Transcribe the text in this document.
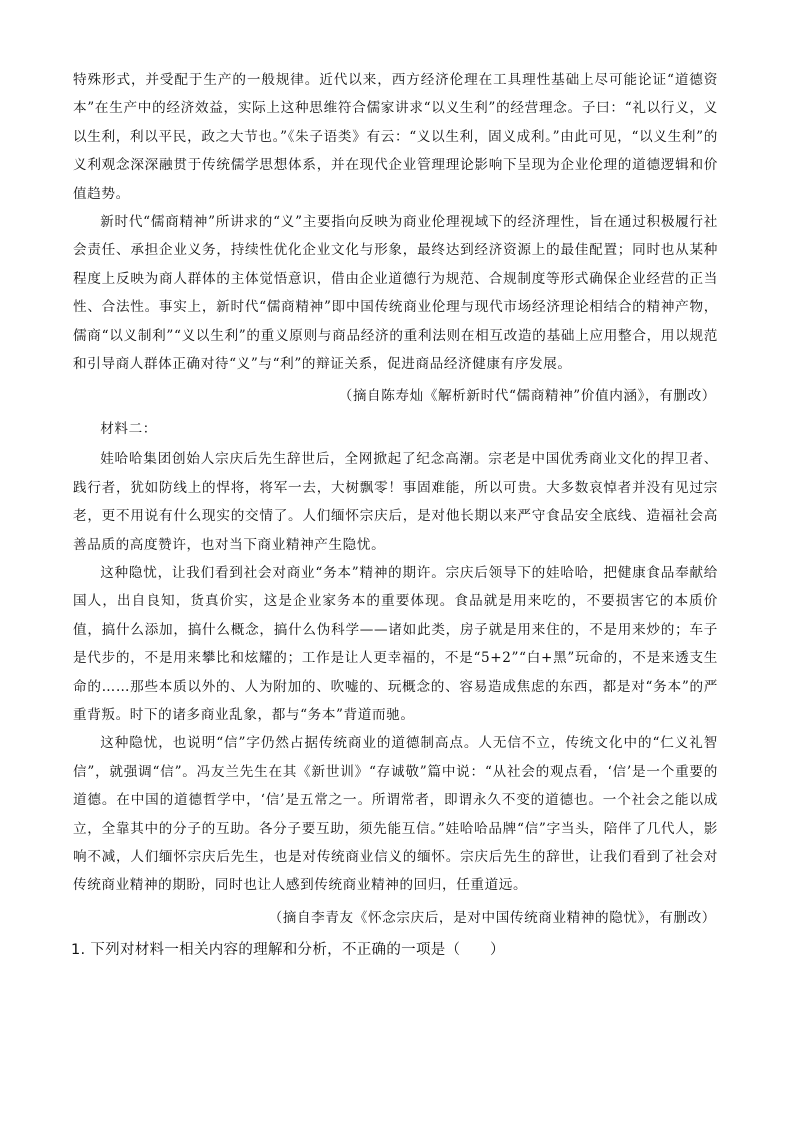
特殊形式，并受配于生产的一般规律。近代以来，西方经济伦理在工具理性基础上尽可能论证“道德资本”在生产中的经济效益，实际上这种思维符合儒家讲求“以义生利”的经营理念。子曰：“礼以行义，义以生利，利以平民，政之大节也。”《朱子语类》有云：“义以生利，固义成利。”由此可见，“以义生利”的义利观念深深融贯于传统儒学思想体系，并在现代企业管理理论影响下呈现为企业伦理的道德逻辑和价值趋势。

新时代“儒商精神”所讲求的“义”主要指向反映为商业伦理视域下的经济理性，旨在通过积极履行社会责任、承担企业义务，持续性优化企业文化与形象，最终达到经济资源上的最佳配置；同时也从某种程度上反映为商人群体的主体觉悟意识，借由企业道德行为规范、合规制度等形式确保企业经营的正当性、合法性。事实上，新时代“儒商精神”即中国传统商业伦理与现代市场经济理论相结合的精神产物，儒商“以义制利”“义以生利”的重义原则与商品经济的重利法则在相互改造的基础上应用整合，用以规范和引导商人群体正确对待“义”与“利”的辩证关系，促进商品经济健康有序发展。

（摘自陈寿灿《解析新时代“儒商精神”价值内涵》，有删改）

材料二：

娃哈哈集团创始人宗庆后先生辞世后，全网掀起了纪念高潮。宗老是中国优秀商业文化的捍卫者、践行者，犹如防线上的悍将，将军一去，大树飘零！事固难能，所以可贵。大多数哀悼者并没有见过宗老，更不用说有什么现实的交情了。人们缅怀宗庆后，是对他长期以来严守食品安全底线、造福社会高善品质的高度赞许，也对当下商业精神产生隐忧。

这种隐忧，让我们看到社会对商业“务本”精神的期许。宗庆后领导下的娃哈哈，把健康食品奉献给国人，出自良知，货真价实，这是企业家务本的重要体现。食品就是用来吃的，不要损害它的本质价值，搞什么添加，搞什么概念，搞什么伪科学——诸如此类，房子就是用来住的，不是用来炒的；车子是代步的，不是用来攀比和炫耀的；工作是让人更幸福的，不是“5+2”“白+黑”玩命的，不是来透支生命的……那些本质以外的、人为附加的、吹嘘的、玩概念的、容易造成焦虑的东西，都是对“务本”的严重背叛。时下的诸多商业乱象，都与“务本”背道而驰。

这种隐忧，也说明“信”字仍然占据传统商业的道德制高点。人无信不立，传统文化中的“仁义礼智信”，就强调“信”。冯友兰先生在其《新世训》“存诚敬”篇中说：“从社会的观点看，‘信’是一个重要的道德。在中国的道德哲学中，‘信’是五常之一。所谓常者，即谓永久不变的道德也。一个社会之能以成立，全靠其中的分子的互助。各分子要互助，须先能互信。”娃哈哈品牌“信”字当头，陪伴了几代人，影响不减，人们缅怀宗庆后先生，也是对传统商业信义的缅怀。宗庆后先生的辞世，让我们看到了社会对传统商业精神的期盼，同时也让人感到传统商业精神的回归，任重道远。

（摘自李青友《怀念宗庆后，是对中国传统商业精神的隐忧》，有删改）

1. 下列对材料一相关内容的理解和分析，不正确的一项是（　　）
